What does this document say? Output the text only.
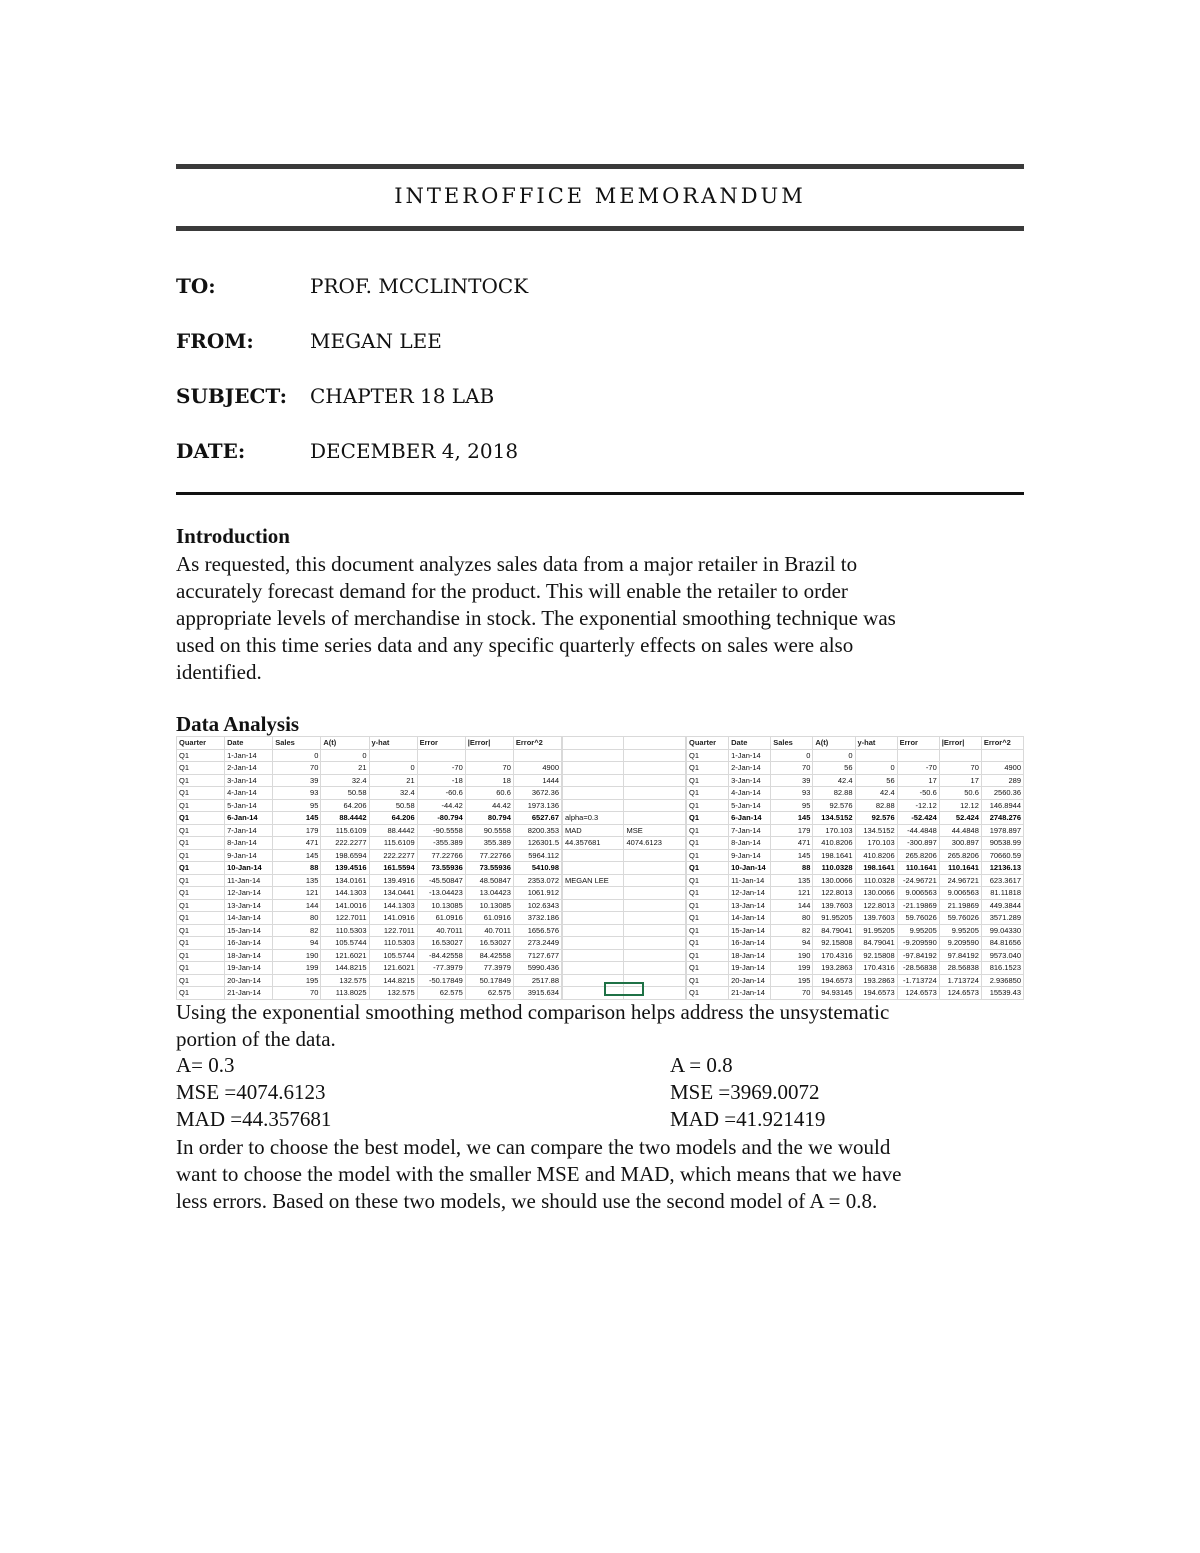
INTEROFFICE MEMORANDUM
TO:	PROF. MCCLINTOCK
FROM:	MEGAN LEE
SUBJECT: CHAPTER 18 LAB
DATE:	DECEMBER 4, 2018
Introduction
As requested, this document analyzes sales data from a major retailer in Brazil to
accurately forecast demand for the product. This will enable the retailer to order
appropriate levels of merchandise in stock. The exponential smoothing technique was
used on this time series data and any specific quarterly effects on sales were also
identified.
Data Analysis
Quarter	Date	Sales	A(t)	y-hat	Error	|Error|	Error^2
Q1	1-Jan-14	0	0				
Q1	2-Jan-14	70	21	0	-70	70	4900
Q1	3-Jan-14	39	32.4	21	-18	18	1444
Q1	4-Jan-14	93	50.58	32.4	-60.6	60.6	3672.36
Q1	5-Jan-14	95	64.206	50.58	-44.42	44.42	1973.136
Q1	6-Jan-14	145	88.4442	64.206	-80.794	80.794	6527.67
Q1	7-Jan-14	179	115.6109	88.4442	-90.5558	90.5558	8200.353
Q1	8-Jan-14	471	222.2277	115.6109	-355.389	355.389	126301.5
Q1	9-Jan-14	145	198.6594	222.2277	77.22766	77.22766	5964.112
Q1	10-Jan-14	88	139.4516	161.5594	73.55936	73.55936	5410.98
Q1	11-Jan-14	135	134.0161	139.4916	-45.50847	48.50847	2353.072
Q1	12-Jan-14	121	144.1303	134.0441	-13.04423	13.04423	1061.912
Q1	13-Jan-14	144	141.0016	144.1303	10.13085	10.13085	102.6343
Q1	14-Jan-14	80	122.7011	141.0916	61.0916	61.0916	3732.186
Q1	15-Jan-14	82	110.5303	122.7011	40.7011	40.7011	1656.576
Q1	16-Jan-14	94	105.5744	110.5303	16.53027	16.53027	273.2449
Q1	18-Jan-14	190	121.6021	105.5744	-84.42558	84.42558	7127.677
Q1	19-Jan-14	199	144.8215	121.6021	-77.3979	77.3979	5990.436
Q1	20-Jan-14	195	132.575	144.8215	-50.17849	50.17849	2517.88
Q1	21-Jan-14	70	113.8025	132.575	62.575	62.575	3915.634

alpha=0.3	
MAD	MSE
44.357681	4074.6123

MEGAN LEE	

Quarter	Date	Sales	A(t)	y-hat	Error	|Error|	Error^2
Q1	1-Jan-14	0	0				
Q1	2-Jan-14	70	56	0	-70	70	4900
Q1	3-Jan-14	39	42.4	56	17	17	289
Q1	4-Jan-14	93	82.88	42.4	-50.6	50.6	2560.36
Q1	5-Jan-14	95	92.576	82.88	-12.12	12.12	146.8944
Q1	6-Jan-14	145	134.5152	92.576	-52.424	52.424	2748.276
Q1	7-Jan-14	179	170.103	134.5152	-44.4848	44.4848	1978.897
Q1	8-Jan-14	471	410.8206	170.103	-300.897	300.897	90538.99
Q1	9-Jan-14	145	198.1641	410.8206	265.8206	265.8206	70660.59
Q1	10-Jan-14	88	110.0328	198.1641	110.1641	110.1641	12136.13
Q1	11-Jan-14	135	130.0066	110.0328	-24.96721	24.96721	623.3617
Q1	12-Jan-14	121	122.8013	130.0066	9.006563	9.006563	81.11818
Q1	13-Jan-14	144	139.7603	122.8013	-21.19869	21.19869	449.3844
Q1	14-Jan-14	80	91.95205	139.7603	59.76026	59.76026	3571.289
Q1	15-Jan-14	82	84.79041	91.95205	9.95205	9.95205	99.04330
Q1	16-Jan-14	94	92.15808	84.79041	-9.209590	9.209590	84.81656
Q1	18-Jan-14	190	170.4316	92.15808	-97.84192	97.84192	9573.040
Q1	19-Jan-14	199	193.2863	170.4316	-28.56838	28.56838	816.1523
Q1	20-Jan-14	195	194.6573	193.2863	-1.713724	1.713724	2.936850
Q1	21-Jan-14	70	94.93145	194.6573	124.6573	124.6573	15539.43
Using the exponential smoothing method comparison helps address the unsystematic
portion of the data.
A= 0.3
MSE =4074.6123
MAD =44.357681
A = 0.8
MSE =3969.0072
MAD =41.921419
In order to choose the best model, we can compare the two models and the we would
want to choose the model with the smaller MSE and MAD, which means that we have
less errors. Based on these two models, we should use the second model of A = 0.8.
